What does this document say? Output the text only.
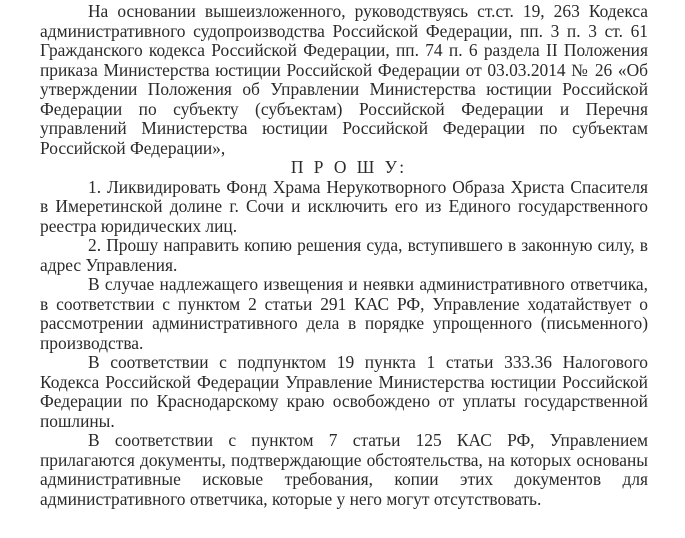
На основании вышеизложенного, руководствуясь ст.ст. 19, 263 Кодекса административного судопроизводства Российской Федерации, пп. 3 п. 3 ст. 61 Гражданского кодекса Российской Федерации, пп. 74 п. 6 раздела II Положения приказа Министерства юстиции Российской Федерации от 03.03.2014 № 26 «Об утверждении Положения об Управлении Министерства юстиции Российской Федерации по субъекту (субъектам) Российской Федерации и Перечня управлений Министерства юстиции Российской Федерации по субъектам Российской Федерации»,

П Р О Ш У:

1. Ликвидировать Фонд Храма Нерукотворного Образа Христа Спасителя в Имеретинской долине г. Сочи и исключить его из Единого государственного реестра юридических лиц.

2. Прошу направить копию решения суда, вступившего в законную силу, в адрес Управления.

В случае надлежащего извещения и неявки административного ответчика, в соответствии с пунктом 2 статьи 291 КАС РФ, Управление ходатайствует о рассмотрении административного дела в порядке упрощенного (письменного) производства.

В соответствии с подпунктом 19 пункта 1 статьи 333.36 Налогового Кодекса Российской Федерации Управление Министерства юстиции Российской Федерации по Краснодарскому краю освобождено от уплаты государственной пошлины.

В соответствии с пунктом 7 статьи 125 КАС РФ, Управлением прилагаются документы, подтверждающие обстоятельства, на которых основаны административные исковые требования, копии этих документов для административного ответчика, которые у него могут отсутствовать.
